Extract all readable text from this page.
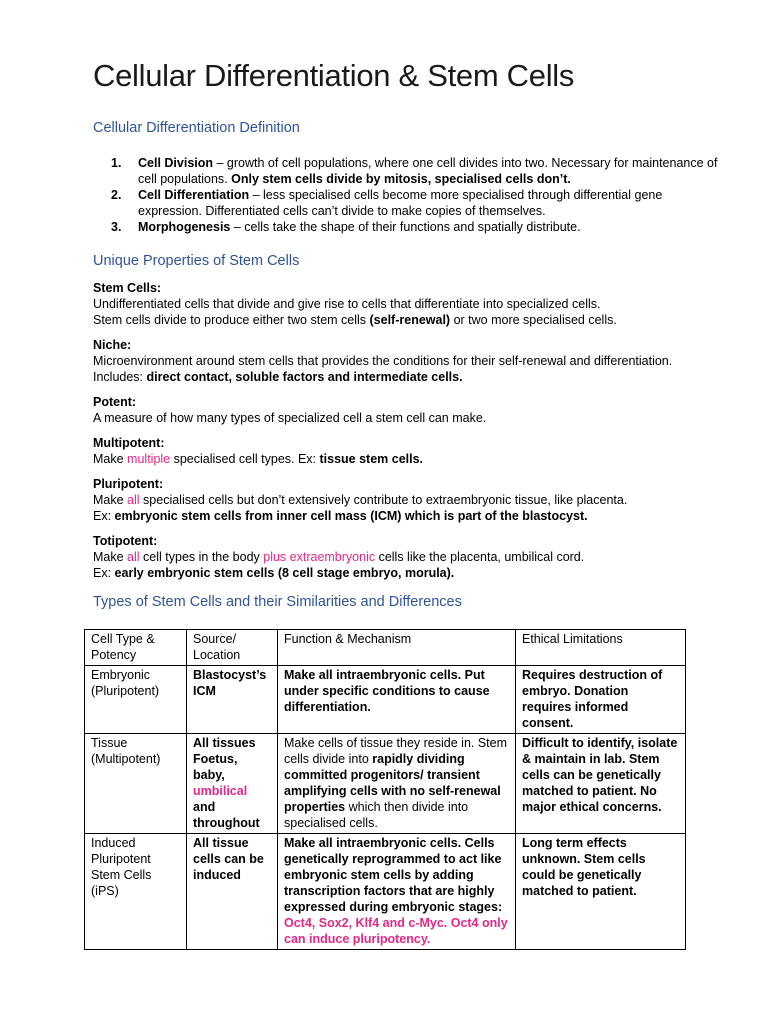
Cellular Differentiation & Stem Cells
Cellular Differentiation Definition
1. Cell Division – growth of cell populations, where one cell divides into two. Necessary for maintenance of cell populations. Only stem cells divide by mitosis, specialised cells don’t.
2. Cell Differentiation – less specialised cells become more specialised through differential gene expression. Differentiated cells can’t divide to make copies of themselves.
3. Morphogenesis – cells take the shape of their functions and spatially distribute.
Unique Properties of Stem Cells
Stem Cells:
Undifferentiated cells that divide and give rise to cells that differentiate into specialized cells.
Stem cells divide to produce either two stem cells (self-renewal) or two more specialised cells.
Niche:
Microenvironment around stem cells that provides the conditions for their self-renewal and differentiation. Includes: direct contact, soluble factors and intermediate cells.
Potent:
A measure of how many types of specialized cell a stem cell can make.
Multipotent:
Make multiple specialised cell types. Ex: tissue stem cells.
Pluripotent:
Make all specialised cells but don’t extensively contribute to extraembryonic tissue, like placenta.
Ex: embryonic stem cells from inner cell mass (ICM) which is part of the blastocyst.
Totipotent:
Make all cell types in the body plus extraembryonic cells like the placenta, umbilical cord.
Ex: early embryonic stem cells (8 cell stage embryo, morula).
Types of Stem Cells and their Similarities and Differences
Cell Type & Potency	Source/ Location	Function & Mechanism	Ethical Limitations
Embryonic (Pluripotent)	Blastocyst’s ICM	Make all intraembryonic cells. Put under specific conditions to cause differentiation.	Requires destruction of embryo. Donation requires informed consent.
Tissue (Multipotent)	All tissues Foetus, baby, umbilical and throughout	Make cells of tissue they reside in. Stem cells divide into rapidly dividing committed progenitors/ transient amplifying cells with no self-renewal properties which then divide into specialised cells.	Difficult to identify, isolate & maintain in lab. Stem cells can be genetically matched to patient. No major ethical concerns.
Induced Pluripotent Stem Cells (iPS)	All tissue cells can be induced	Make all intraembryonic cells. Cells genetically reprogrammed to act like embryonic stem cells by adding transcription factors that are highly expressed during embryonic stages: Oct4, Sox2, Klf4 and c-Myc. Oct4 only can induce pluripotency.	Long term effects unknown. Stem cells could be genetically matched to patient.
